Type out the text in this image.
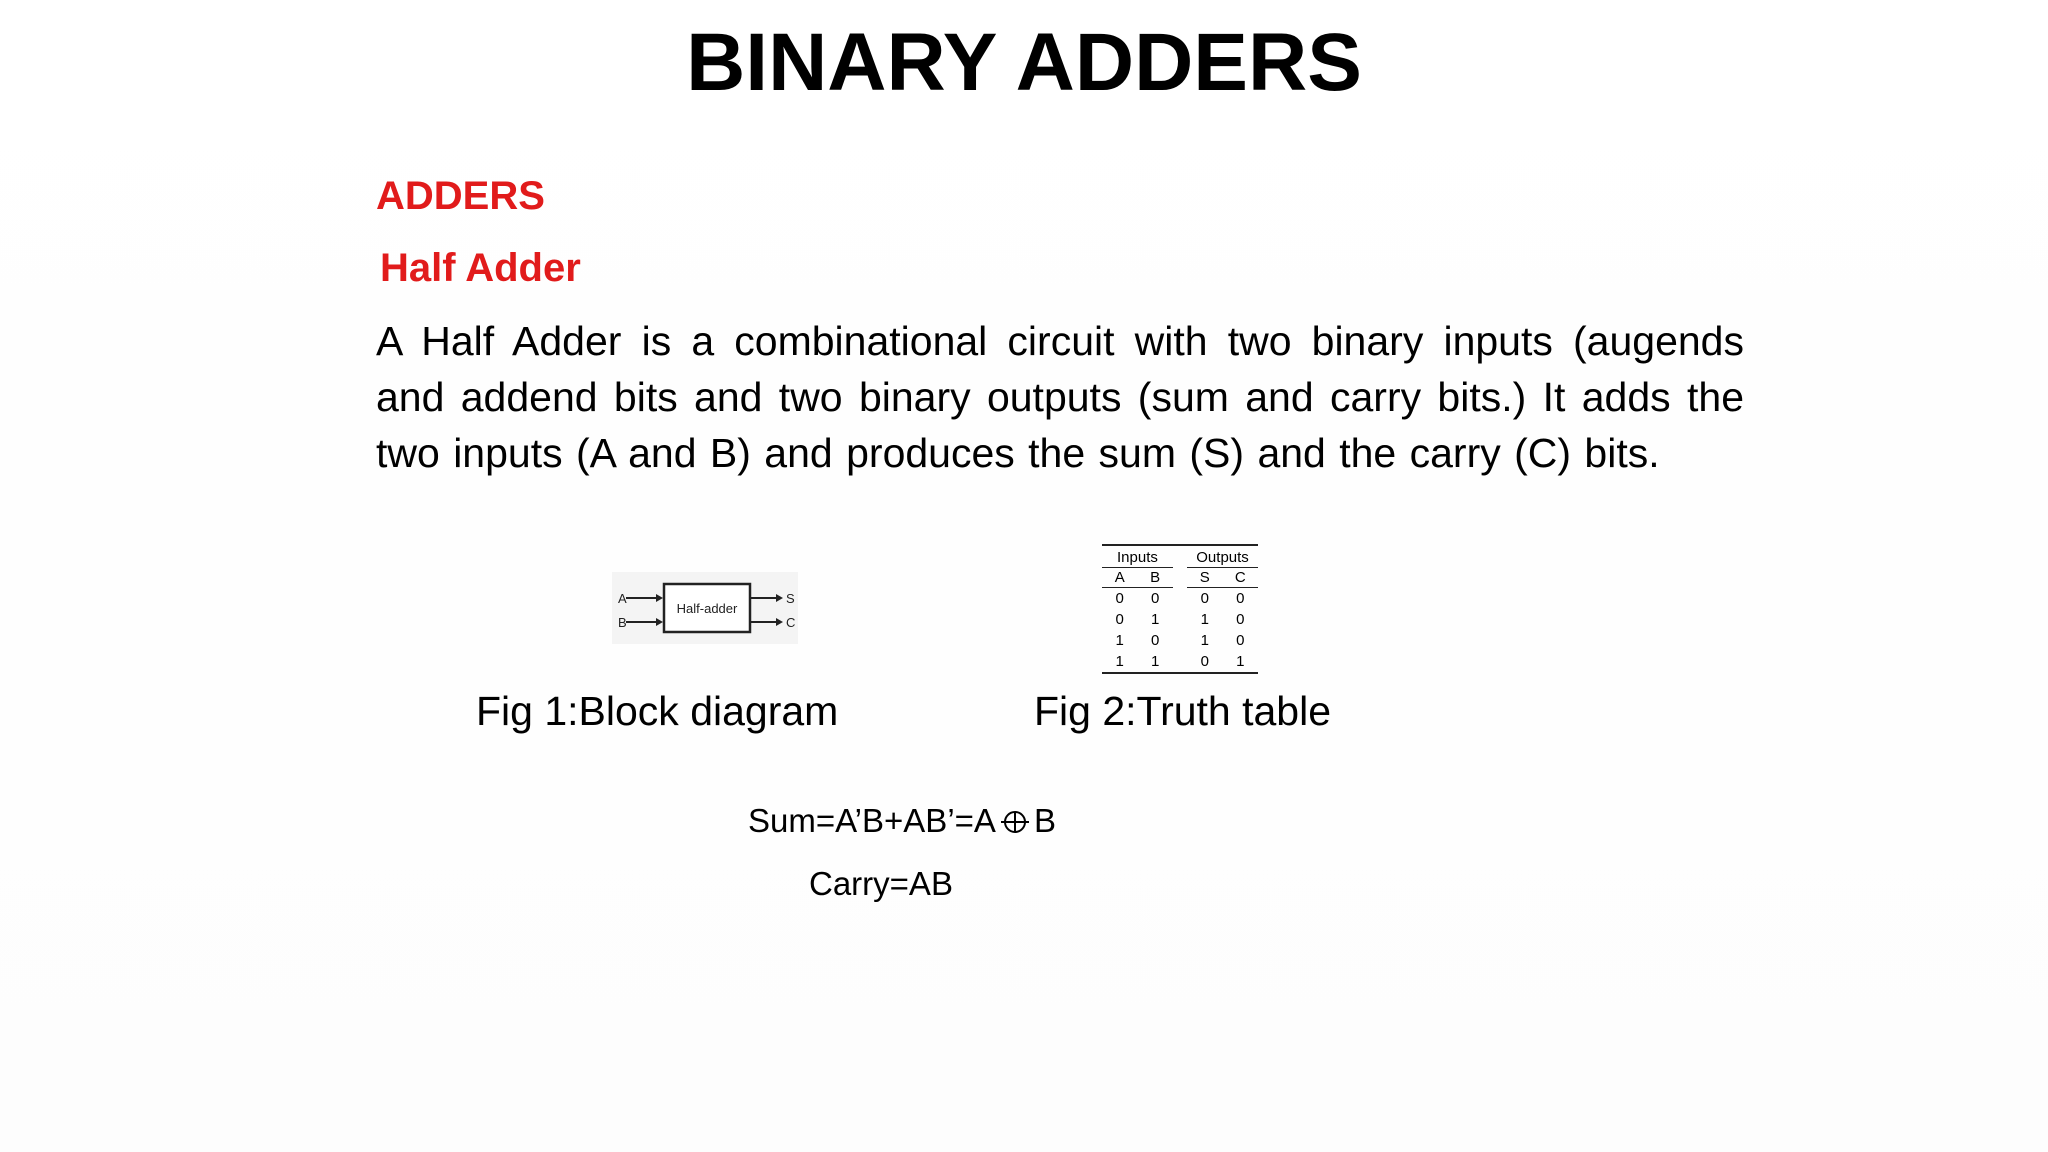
BINARY ADDERS
ADDERS
Half Adder

A Half Adder is a combinational circuit with two binary inputs (augends and addend bits and two binary outputs (sum and carry bits.) It adds the two inputs (A and B) and produces the sum (S) and the carry (C) bits.

A
B
Half-adder
S
C
Inputs			Outputs	
A	B		S	C
0	0		0	0
0	1		1	0
1	0		1	0
1	1		0	1

Fig 1:Block diagram	Fig 2:Truth table

Sum=A’B+AB’=A B

Carry=AB
